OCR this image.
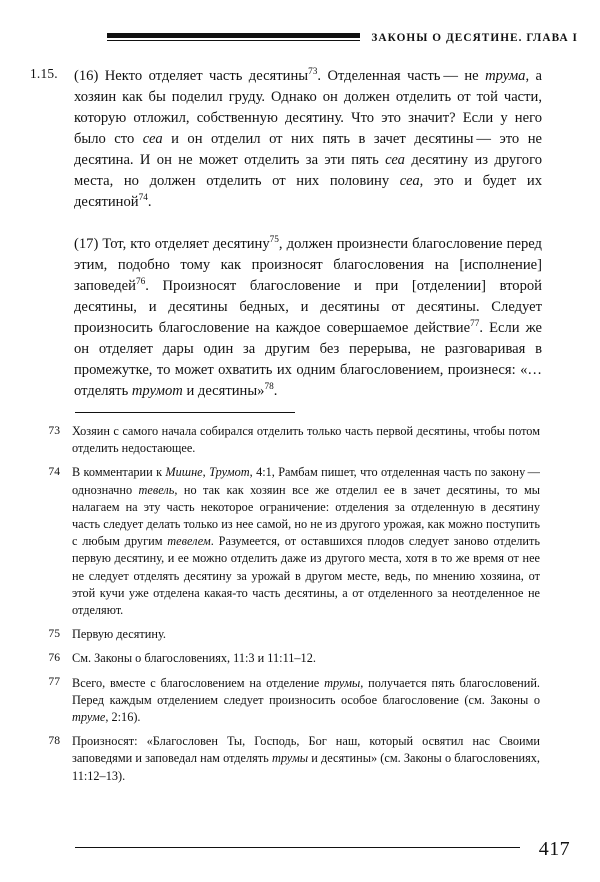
ЗАКОНЫ О ДЕСЯТИНЕ. ГЛАВА I
1.15.	(16) Некто отделяет часть десятины$^{73}$. Отделенная часть — не трума, а хозяин как бы поделил груду. Однако он должен отделить от той части, которую отложил, собственную десятину. Что это значит? Если у него было сто сеа и он отделил от них пять в зачет десятины — это не десятина. И он не может отделить за эти пять сеа десятину из другого места, но должен отделить от них половину сеа, это и будет их десятиной$^{74}$.

(17) Тот, кто отделяет десятину$^{75}$, должен произнести благословение перед этим, подобно тому как произносят благословения на [исполнение] заповедей$^{76}$. Произносят благословение и при [отделении] второй десятины, и десятины бедных, и десятины от десятины. Следует произносить благословение на каждое совершаемое действие$^{77}$. Если же он отделяет дары один за другим без перерыва, не разговаривая в промежутке, то может охватить их одним благословением, произнеся: «…отделять трумот и десятины»$^{78}$.

73 Хозяин с самого начала собирался отделить только часть первой десятины, чтобы потом отделить недостающее.

74 В комментарии к Мишне, Трумот, 4:1, Рамбам пишет, что отделенная часть по закону — однозначно тевель, но так как хозяин все же отделил ее в зачет десятины, то мы налагаем на эту часть некоторое ограничение: отделения за отделенную в десятину часть следует делать только из нее самой, но не из другого урожая, как можно поступить с любым другим тевелем. Разумеется, от оставшихся плодов следует заново отделить первую десятину, и ее можно отделить даже из другого места, хотя в то же время от нее не следует отделять десятину за урожай в другом месте, ведь, по мнению хозяина, от этой кучи уже отделена какая-то часть десятины, а от отделенного за неотделенное не отделяют.

75 Первую десятину.

76 См. Законы о благословениях, 11:3 и 11:11–12.

77 Всего, вместе с благословением на отделение трумы, получается пять благословений. Перед каждым отделением следует произносить особое благословение (см. Законы о труме, 2:16).

78 Произносят: «Благословен Ты, Господь, Бог наш, который освятил нас Своими заповедями и заповедал нам отделять трумы и десятины» (см. Законы о благословениях, 11:12–13).

417
